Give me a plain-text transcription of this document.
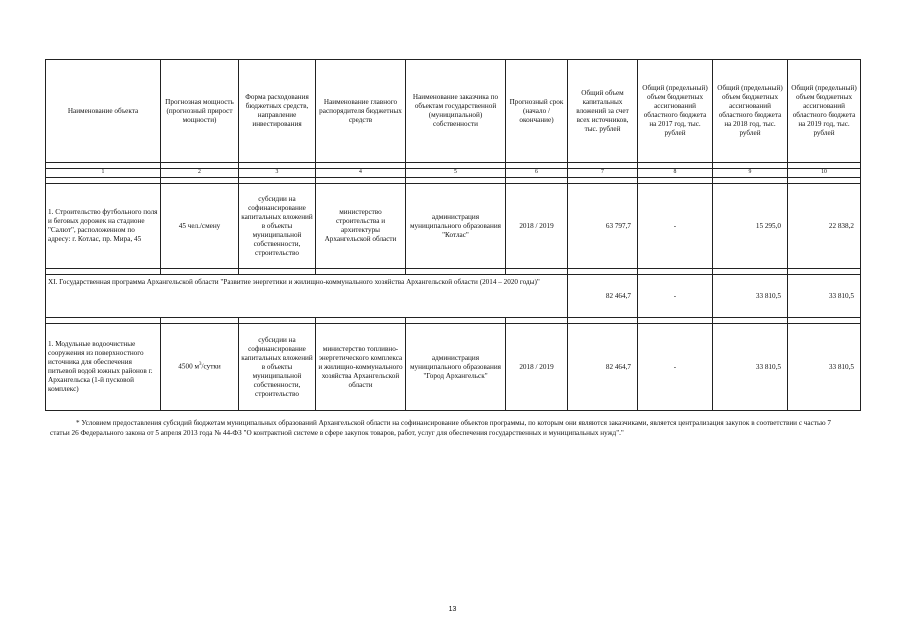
Наименование объекта	Прогнозная мощность (прогнозный прирост мощности)	Форма расходования бюджетных средств, направление инвестирования	Наименование главного распорядителя бюджетных средств	Наименование заказчика по объектам государственной (муниципальной) собственности	Прогнозный срок (начало / окончание)	Общий объем капитальных вложений за счет всех источников, тыс. рублей	Общий (предельный) объем бюджетных ассигнований областного бюджета на 2017 год, тыс. рублей	Общий (предельный) объем бюджетных ассигнований областного бюджета на 2018 год, тыс. рублей	Общий (предельный) объем бюджетных ассигнований областного бюджета на 2019 год, тыс. рублей

1	2	3	4	5	6	7	8	9	10

1. Строительство футбольного поля и беговых дорожек на стадионе "Салют", расположенном по адресу: г. Котлас, пр. Мира, 45	45 чел./смену	субсидии на софинансирование капитальных вложений в объекты муниципальной собственности, строительство	министерство строительства и архитектуры Архангельской области	администрация муниципального образования "Котлас"	2018 / 2019	63 797,7	-	15 295,0	22 838,2

XI. Государственная программа Архангельской области "Развитие энергетики и жилищно-коммунального хозяйства Архангельской области (2014 – 2020 годы)"						82 464,7	-	33 810,5	33 810,5

1. Модульные водоочистные сооружения из поверхностного источника для обеспечения питьевой водой южных районов г. Архангельска (1-й пусковой комплекс)	4500 $м^3$/сутки	субсидии на софинансирование капитальных вложений в объекты муниципальной собственности, строительство	министерство топливно-энергетического комплекса и жилищно-коммунального хозяйства Архангельской области	администрация муниципального образования "Город Архангельск"	2018 / 2019	82 464,7	-	33 810,5	33 810,5
* Условием предоставления субсидий бюджетам муниципальных образований Архангельской области на софинансирование объектов программы, по которым они являются заказчиками, является централизация закупок в соответствии с частью 7 статьи 26 Федерального закона от 5 апреля 2013 года № 44-ФЗ "О контрактной системе в сфере закупок товаров, работ, услуг для обеспечения государственных и муниципальных нужд"."
13
